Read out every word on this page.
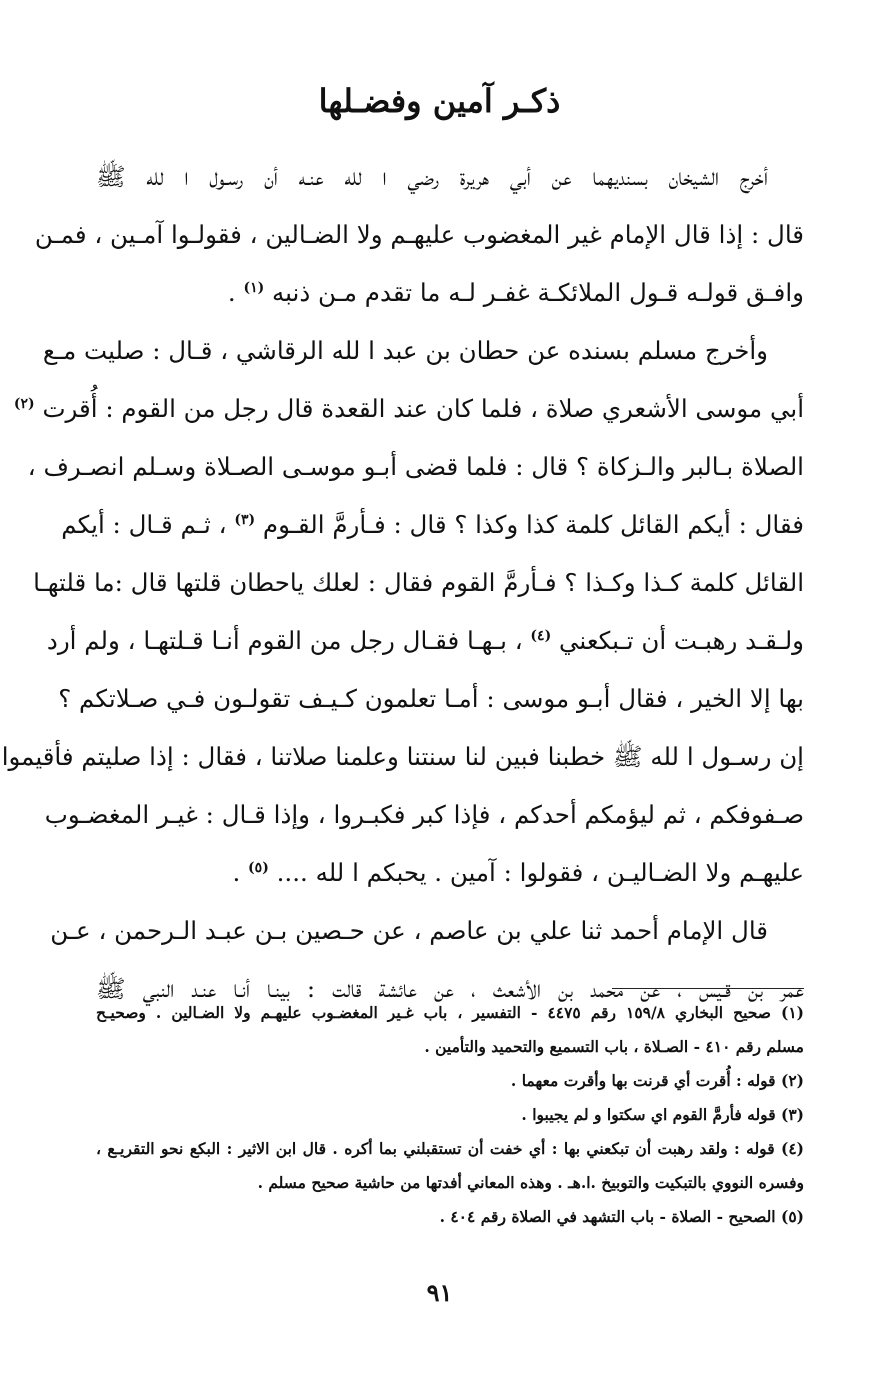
ذكـر آمين وفضـلها
أخرج الشيخان بسنديهما عن أبي هريرة رضي ا لله عنـه أن رسـول ا لله ﷺ
قال : إذا قال الإمام غير المغضوب عليهـم ولا الضـالين ، فقولـوا آمـين ، فمـن
وافـق قولـه قـول الملائكـة غفـر لـه ما تقدم مـن ذنبه $^{(١)}$ .
وأخرج مسلم بسنده عن حطان بن عبد ا لله الرقاشي ، قـال : صليت مـع
أبي موسى الأشعري صلاة ، فلما كان عند القعدة قال رجل من القوم : أُقرت $^{(٢)}$
الصلاة بـالبر والـزكاة ؟ قال : فلما قضى أبـو موسـى الصـلاة وسـلم انصـرف ،
فقال : أيكم القائل كلمة كذا وكذا ؟ قال : فـأرمَّ القـوم $^{(٣)}$ ، ثـم قـال : أيكم
القائل كلمة كـذا وكـذا ؟ فـأرمَّ القوم فقال : لعلك ياحطان قلتها قال :ما قلتهـا
ولـقـد رهبـت أن تـبكعني $^{(٤)}$ ، بـهـا فقـال رجل من القوم أنـا قـلتهـا ، ولم أرد
بها إلا الخير ، فقال أبـو موسى : أمـا تعلمون كـيـف تقولـون فـي صـلاتكم ؟
إن رسـول ا لله ﷺ خطبنا فبين لنا سنتنا وعلمنا صلاتنا ، فقال : إذا صليتم فأقيموا
صـفوفكم ، ثم ليؤمكم أحدكم ، فإذا كبر فكبـروا ، وإذا قـال : غيـر المغضـوب
عليهـم ولا الضـاليـن ، فقولوا : آمين . يحبكم ا لله .... $^{(٥)}$ .
قال الإمام أحمد ثنا علي بن عاصم ، عن حـصين بـن عبـد الـرحمن ، عـن
عمر بن قـيس ، عن محمد بن الأشعث ، عن عائشة قالت : بينـا أنـا عنـد النبي ﷺ
(١) صحيح البخاري ١٥٩/٨ رقم ٤٤٧٥ - التفسير ، باب غـير المغضـوب عليهـم ولا الضـالين . وصحيـح
مسلم رقم ٤١٠ - الصـلاة ، باب التسميع والتحميد والتأمين .
(٢) قوله : أُقرت أي قرنت بها وأقرت معهما .
(٣) قوله فأرمَّ القوم اي سكتوا و لم يجيبوا .
(٤) قوله : ولقد رهبت أن تبكعني بها : أي خفت أن تستقبلني بما أكره . قال ابن الاثير : البكع نحو التقريـع ،
وفسره النووي بالتبكيت والتوبيخ .ا.هـ . وهذه المعاني أفدتها من حاشية صحيح مسلم .
(٥) الصحيح - الصلاة - باب التشهد في الصلاة رقم ٤٠٤ .
٩١
